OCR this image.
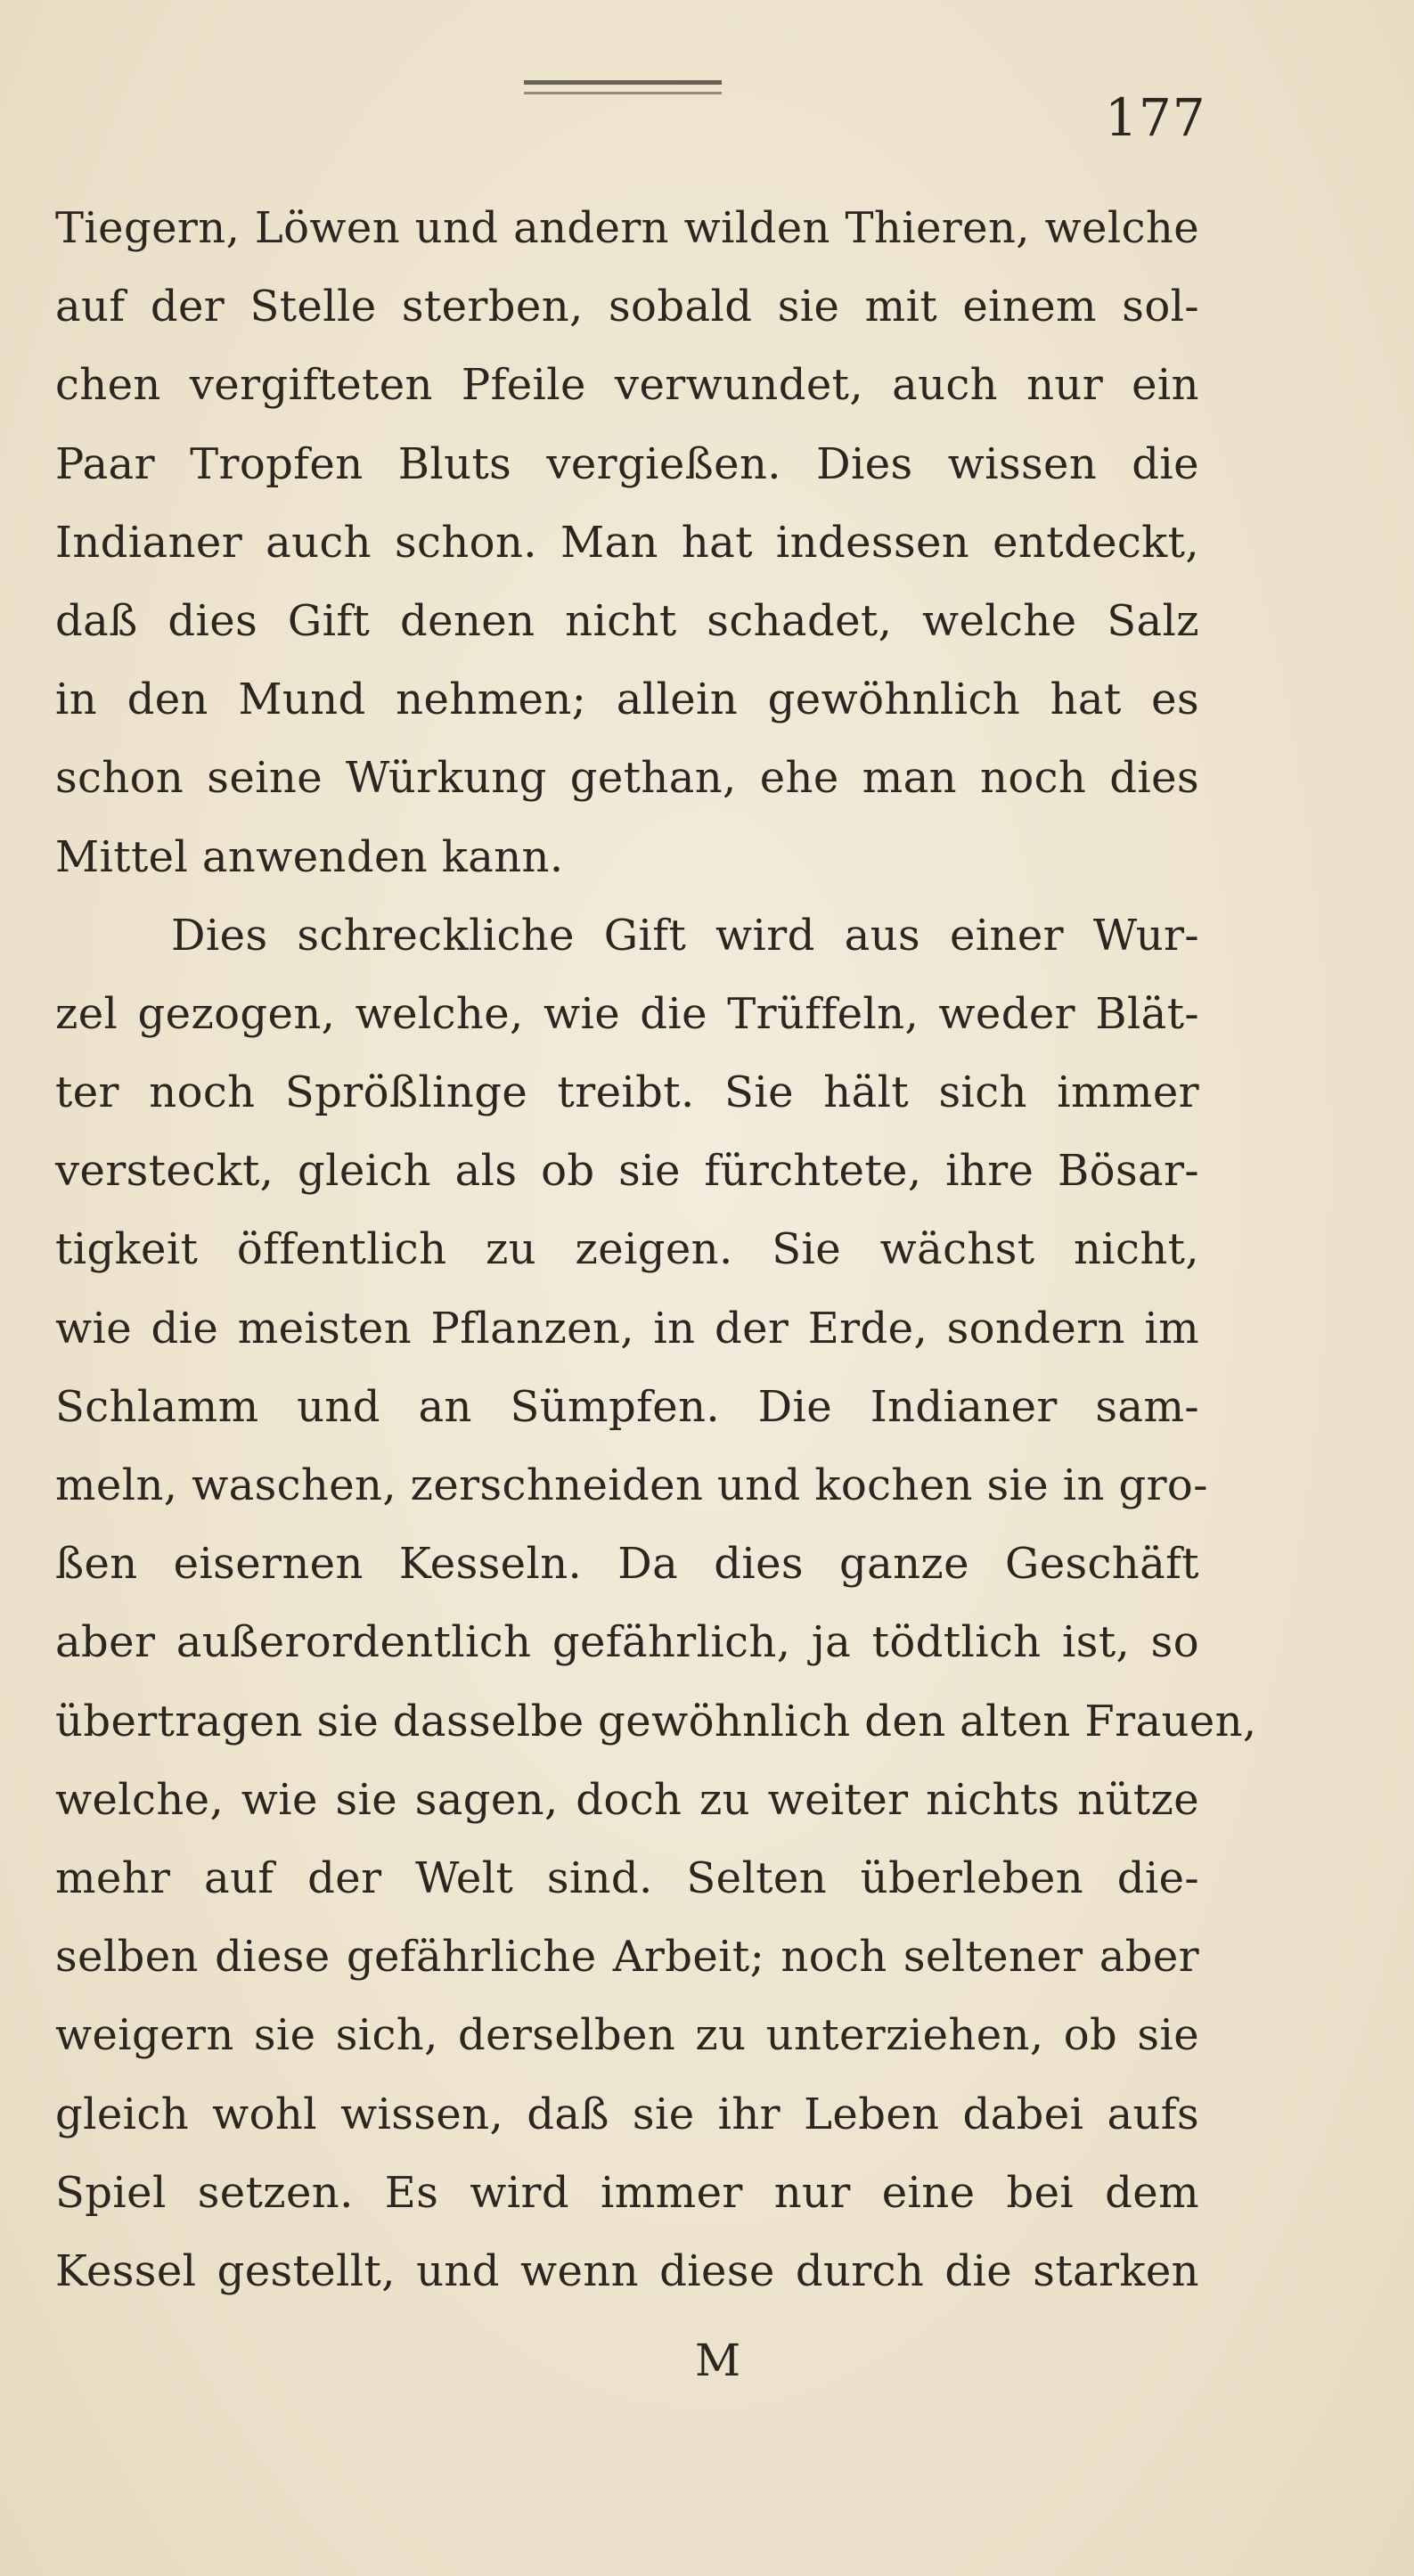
177
Tiegern, Löwen und andern wilden Thieren, welche
auf der Stelle sterben, sobald sie mit einem sol-
chen vergifteten Pfeile verwundet, auch nur ein
Paar Tropfen Bluts vergießen. Dies wissen die
Indianer auch schon. Man hat indessen entdeckt,
daß dies Gift denen nicht schadet, welche Salz
in den Mund nehmen; allein gewöhnlich hat es
schon seine Würkung gethan, ehe man noch dies
Mittel anwenden kann.
Dies schreckliche Gift wird aus einer Wur-
zel gezogen, welche, wie die Trüffeln, weder Blät-
ter noch Sprößlinge treibt. Sie hält sich immer
versteckt, gleich als ob sie fürchtete, ihre Bösar-
tigkeit öffentlich zu zeigen. Sie wächst nicht,
wie die meisten Pflanzen, in der Erde, sondern im
Schlamm und an Sümpfen. Die Indianer sam-
meln, waschen, zerschneiden und kochen sie in gro-
ßen eisernen Kesseln. Da dies ganze Geschäft
aber außerordentlich gefährlich, ja tödtlich ist, so
übertragen sie dasselbe gewöhnlich den alten Frauen,
welche, wie sie sagen, doch zu weiter nichts nütze
mehr auf der Welt sind. Selten überleben die-
selben diese gefährliche Arbeit; noch seltener aber
weigern sie sich, derselben zu unterziehen, ob sie
gleich wohl wissen, daß sie ihr Leben dabei aufs
Spiel setzen. Es wird immer nur eine bei dem
Kessel gestellt, und wenn diese durch die starken
M
